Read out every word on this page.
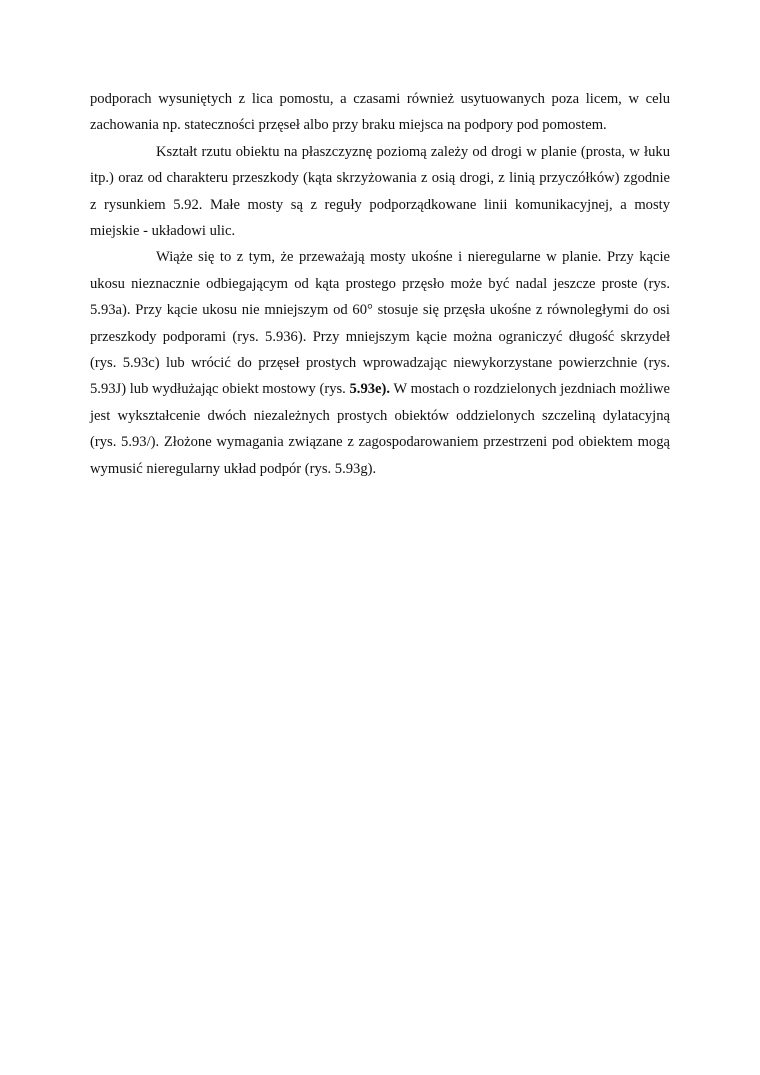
podporach wysuniętych z lica pomostu, a czasami również usytuowanych poza licem, w celu zachowania np. stateczności przęseł albo przy braku miejsca na podpory pod pomostem.

Kształt rzutu obiektu na płaszczyznę poziomą zależy od drogi w planie (prosta, w łuku itp.) oraz od charakteru przeszkody (kąta skrzyżowania z osią drogi, z linią przyczółków) zgodnie z rysunkiem 5.92. Małe mosty są z reguły podporządkowane linii komunikacyjnej, a mosty miejskie - układowi ulic.

Wiąże się to z tym, że przeważają mosty ukośne i nieregularne w planie. Przy kącie ukosu nieznacznie odbiegającym od kąta prostego przęsło może być nadal jeszcze proste (rys. 5.93a). Przy kącie ukosu nie mniejszym od 60° stosuje się przęsła ukośne z równoległymi do osi przeszkody podporami (rys. 5.936). Przy mniejszym kącie można ograniczyć długość skrzydeł (rys. 5.93c) lub wrócić do przęseł prostych wprowadzając niewykorzystane powierzchnie (rys. 5.93J) lub wydłużając obiekt mostowy (rys. 5.93e). W mostach o rozdzielonych jezdniach możliwe jest wykształcenie dwóch niezależnych prostych obiektów oddzielonych szczeliną dylatacyjną (rys. 5.93/). Złożone wymagania związane z zagospodarowaniem przestrzeni pod obiektem mogą wymusić nieregularny układ podpór (rys. 5.93g).
